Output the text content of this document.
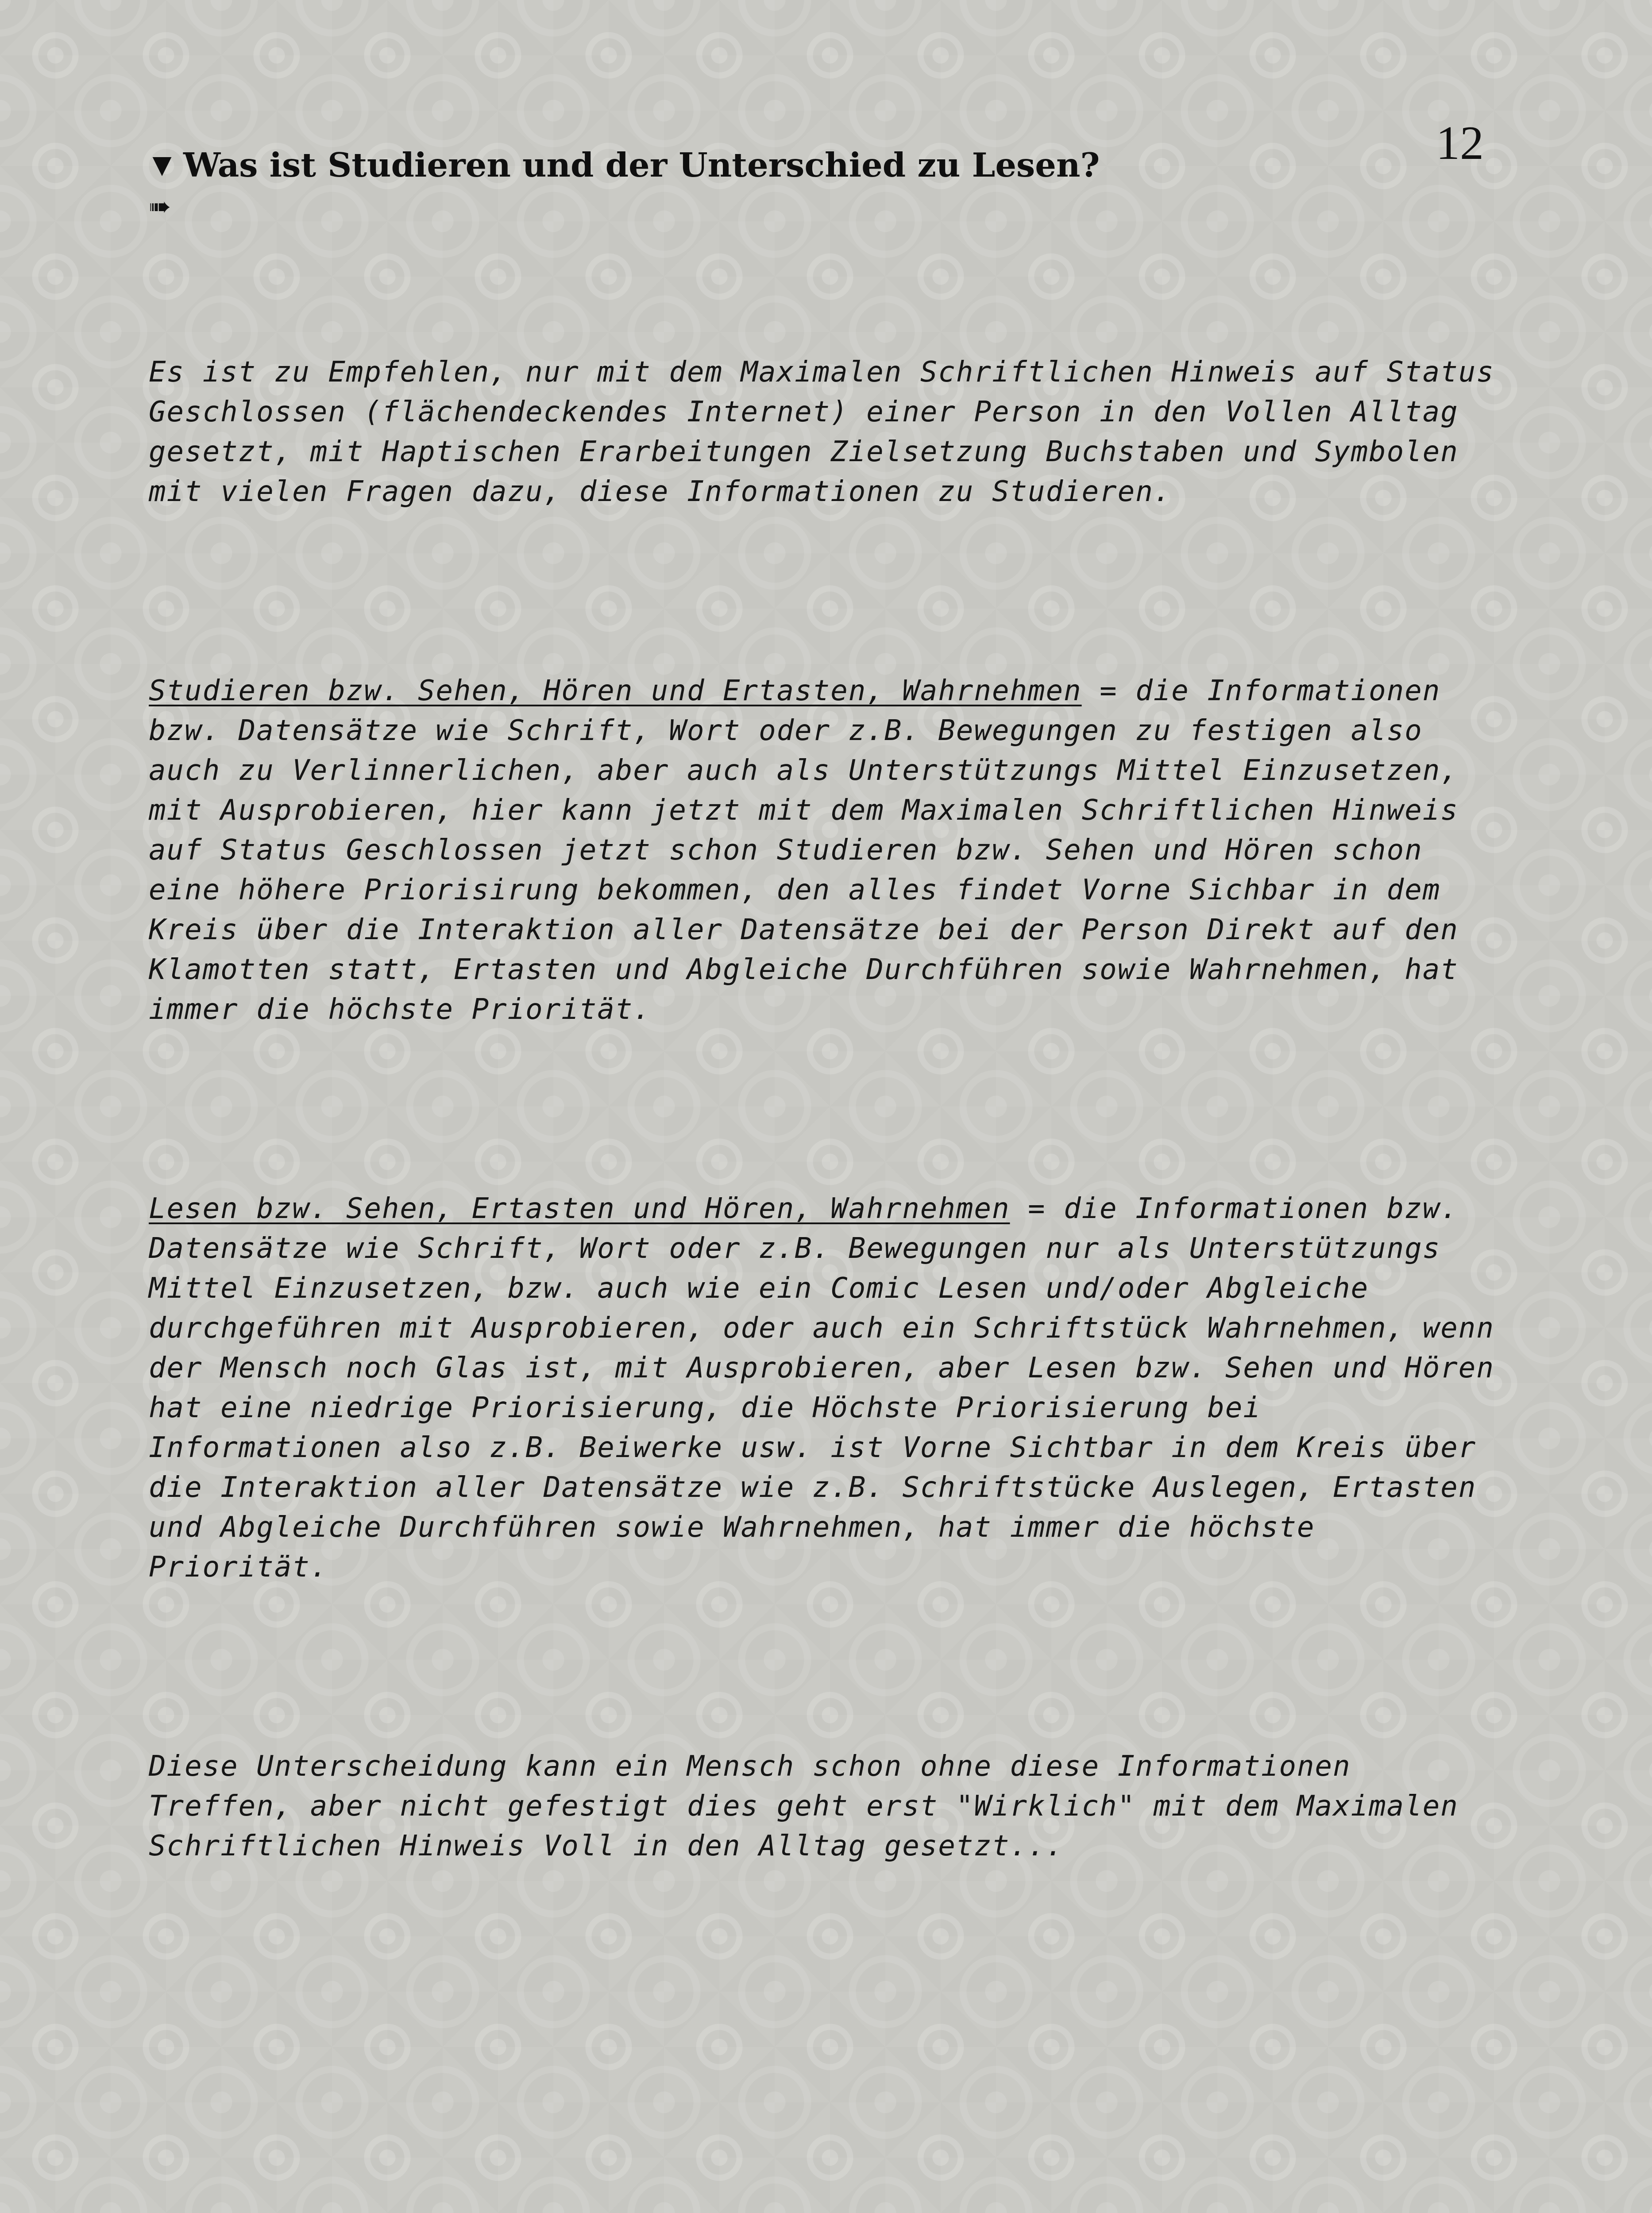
12
▼ Was ist Studieren und der Unterschied zu Lesen?
➠

Es ist zu Empfehlen, nur mit dem Maximalen Schriftlichen Hinweis auf Status Geschlossen (flächendeckendes Internet) einer Person in den Vollen Alltag gesetzt, mit Haptischen Erarbeitungen Zielsetzung Buchstaben und Symbolen mit vielen Fragen dazu, diese Informationen zu Studieren.

Studieren bzw. Sehen, Hören und Ertasten, Wahrnehmen = die Informationen bzw. Datensätze wie Schrift, Wort oder z.B. Bewegungen zu festigen also auch zu Verlinnerlichen, aber auch als Unterstützungs Mittel Einzusetzen, mit Ausprobieren, hier kann jetzt mit dem Maximalen Schriftlichen Hinweis auf Status Geschlossen jetzt schon Studieren bzw. Sehen und Hören schon eine höhere Priorisirung bekommen, den alles findet Vorne Sichbar in dem Kreis über die Interaktion aller Datensätze bei der Person Direkt auf den Klamotten statt, Ertasten und Abgleiche Durchführen sowie Wahrnehmen, hat immer die höchste Priorität.

Lesen bzw. Sehen, Ertasten und Hören, Wahrnehmen = die Informationen bzw. Datensätze wie Schrift, Wort oder z.B. Bewegungen nur als Unterstützungs Mittel Einzusetzen, bzw. auch wie ein Comic Lesen und/oder Abgleiche durchgeführen mit Ausprobieren, oder auch ein Schriftstück Wahrnehmen, wenn der Mensch noch Glas ist, mit Ausprobieren, aber Lesen bzw. Sehen und Hören hat eine niedrige Priorisierung, die Höchste Priorisierung bei Informationen also z.B. Beiwerke usw. ist Vorne Sichtbar in dem Kreis über die Interaktion aller Datensätze wie z.B. Schriftstücke Auslegen, Ertasten und Abgleiche Durchführen sowie Wahrnehmen, hat immer die höchste Priorität.

Diese Unterscheidung kann ein Mensch schon ohne diese Informationen Treffen, aber nicht gefestigt dies geht erst "Wirklich" mit dem Maximalen Schriftlichen Hinweis Voll in den Alltag gesetzt...
